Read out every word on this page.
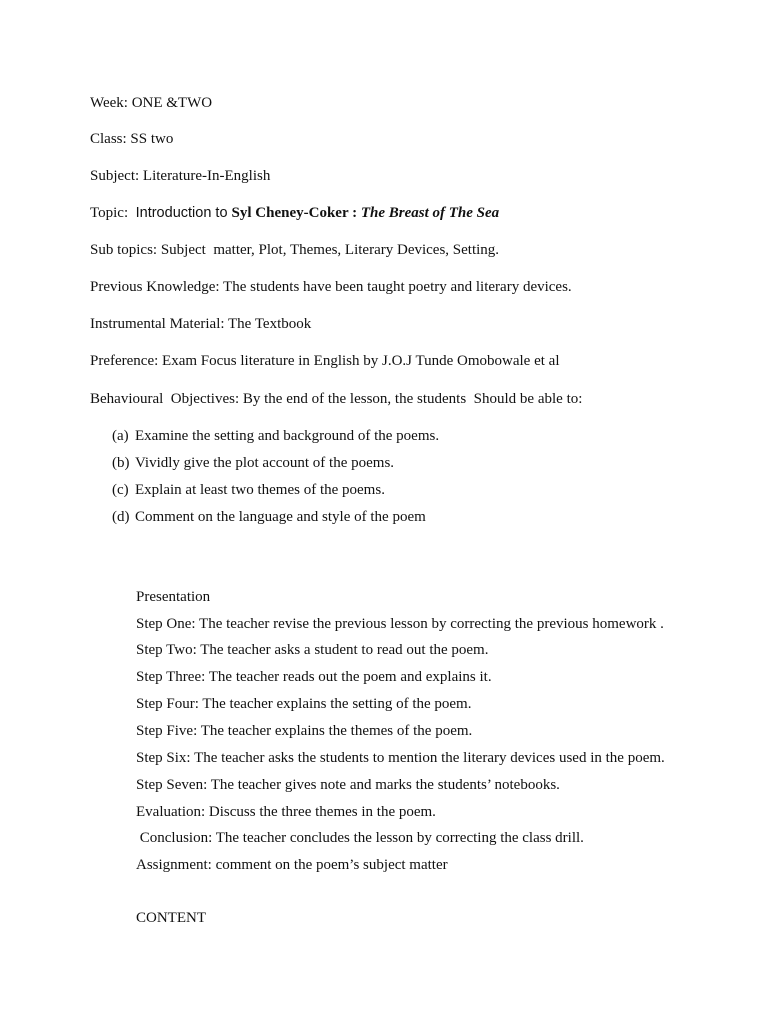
Week: ONE &TWO
Class: SS two
Subject: Literature-In-English
Topic:  Introduction to Syl Cheney-Coker : The Breast of The Sea
Sub topics: Subject  matter, Plot, Themes, Literary Devices, Setting.
Previous Knowledge: The students have been taught poetry and literary devices.
Instrumental Material: The Textbook
Preference: Exam Focus literature in English by J.O.J Tunde Omobowale et al
Behavioural  Objectives: By the end of the lesson, the students  Should be able to:
(a) Examine the setting and background of the poems.
(b) Vividly give the plot account of the poems.
(c) Explain at least two themes of the poems.
(d) Comment on the language and style of the poem
Presentation
Step One: The teacher revise the previous lesson by correcting the previous homework .
Step Two: The teacher asks a student to read out the poem.
Step Three: The teacher reads out the poem and explains it.
Step Four: The teacher explains the setting of the poem.
Step Five: The teacher explains the themes of the poem.
Step Six: The teacher asks the students to mention the literary devices used in the poem.
Step Seven: The teacher gives note and marks the students’ notebooks.
Evaluation: Discuss the three themes in the poem.
Conclusion: The teacher concludes the lesson by correcting the class drill.
Assignment: comment on the poem’s subject matter
CONTENT
